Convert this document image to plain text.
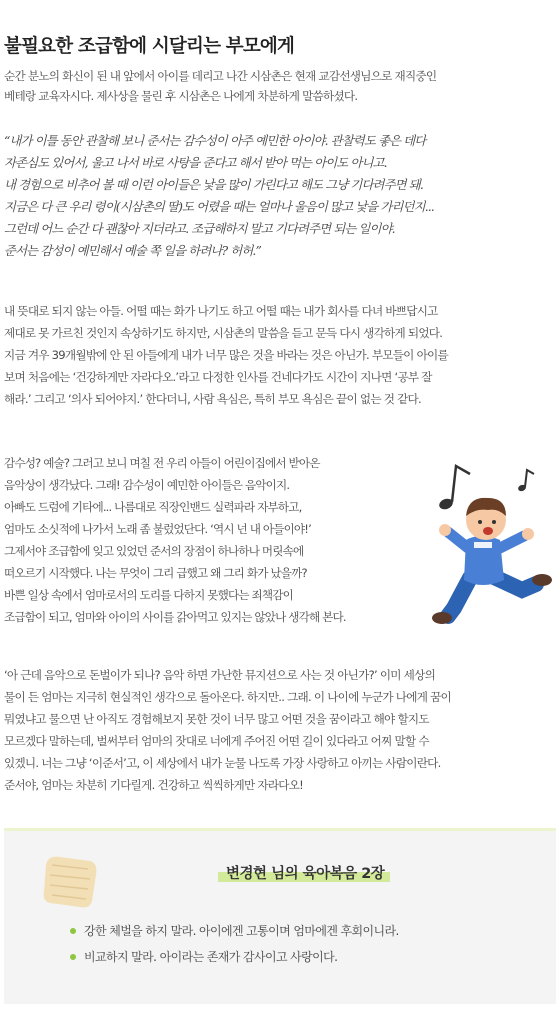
불필요한 조급함에 시달리는 부모에게
순간 분노의 화신이 된 내 앞에서 아이를 데리고 나간 시삼촌은 현재 교감선생님으로 재직중인
베테랑 교육자시다. 제사상을 물린 후 시삼촌은 나에게 차분하게 말씀하셨다.
“내가 이틀 동안 관찰해 보니 준서는 감수성이 아주 예민한 아이야. 관찰력도 좋은 데다
자존심도 있어서, 울고 나서 바로 사탕을 준다고 해서 받아 먹는 아이도 아니고.
내 경험으로 비추어 볼 때 이런 아이들은 낯을 많이 가린다고 해도 그냥 기다려주면 돼.
지금은 다 큰 우리 령이(시삼촌의 딸)도 어렸을 때는 얼마나 울음이 많고 낯을 가리던지...
그런데 어느 순간 다 괜찮아 지더라고. 조급해하지 말고 기다려주면 되는 일이야.
준서는 감성이 예민해서 예술 쪽 일을 하려나? 허허.”
내 뜻대로 되지 않는 아들. 어떨 때는 화가 나기도 하고 어떨 때는 내가 회사를 다녀 바쁘답시고
제대로 못 가르친 것인지 속상하기도 하지만, 시삼촌의 말씀을 듣고 문득 다시 생각하게 되었다.
지금 겨우 39개월밖에 안 된 아들에게 내가 너무 많은 것을 바라는 것은 아닌가. 부모들이 아이를
보며 처음에는 ‘건강하게만 자라다오.’라고 다정한 인사를 건네다가도 시간이 지나면 ‘공부 잘
해라.’ 그리고 ‘의사 되어야지.’ 한다더니, 사람 욕심은, 특히 부모 욕심은 끝이 없는 것 같다.
감수성? 예술? 그러고 보니 며칠 전 우리 아들이 어린이집에서 받아온
음악상이 생각났다. 그래! 감수성이 예민한 아이들은 음악이지.
아빠도 드럼에 기타에... 나름대로 직장인밴드 실력파라 자부하고,
엄마도 소싯적에 나가서 노래 좀 불렀었단다. ‘역시 넌 내 아들이야!’
그제서야 조급함에 잊고 있었던 준서의 장점이 하나하나 머릿속에
떠오르기 시작했다. 나는 무엇이 그리 급했고 왜 그리 화가 났을까?
바쁜 일상 속에서 엄마로서의 도리를 다하지 못했다는 죄책감이
조급함이 되고, 엄마와 아이의 사이를 갉아먹고 있지는 않았나 생각해 본다.
‘아 근데 음악으로 돈벌이가 되나? 음악 하면 가난한 뮤지션으로 사는 것 아닌가?’ 이미 세상의
물이 든 엄마는 지극히 현실적인 생각으로 돌아온다. 하지만.. 그래. 이 나이에 누군가 나에게 꿈이
뭐였냐고 물으면 난 아직도 경험해보지 못한 것이 너무 많고 어떤 것을 꿈이라고 해야 할지도
모르겠다 말하는데, 벌써부터 엄마의 잣대로 너에게 주어진 어떤 길이 있다라고 어찌 말할 수
있겠니. 너는 그냥 ‘이준서’고, 이 세상에서 내가 눈물 나도록 가장 사랑하고 아끼는 사람이란다.
준서야, 엄마는 차분히 기다릴게. 건강하고 씩씩하게만 자라다오!
변경현 님의 육아복음 2장
강한 체벌을 하지 말라. 아이에겐 고통이며 엄마에겐 후회이니라.
비교하지 말라. 아이라는 존재가 감사이고 사랑이다.
